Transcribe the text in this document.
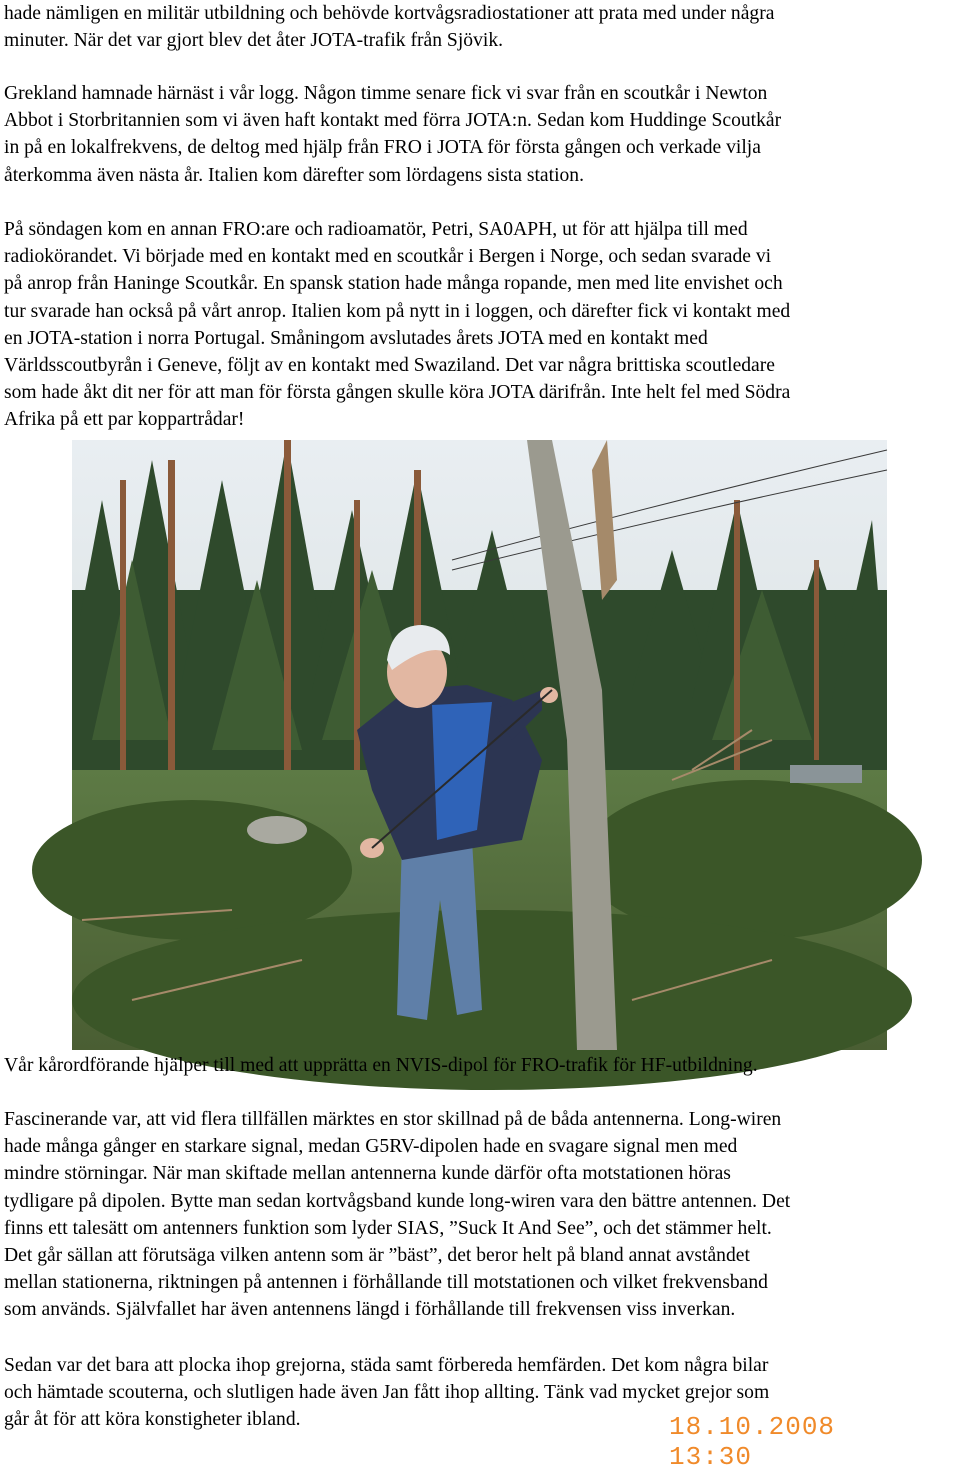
hade nämligen en militär utbildning och behövde kortvågsradiostationer att prata med under några
minuter. När det var gjort blev det åter JOTA-trafik från Sjövik.
Grekland hamnade härnäst i vår logg. Någon timme senare fick vi svar från en scoutkår i Newton
Abbot i Storbritannien som vi även haft kontakt med förra JOTA:n. Sedan kom Huddinge Scoutkår
in på en lokalfrekvens, de deltog med hjälp från FRO i JOTA för första gången och verkade vilja
återkomma även nästa år. Italien kom därefter som lördagens sista station.
På söndagen kom en annan FRO:are och radioamatör, Petri, SA0APH, ut för att hjälpa till med
radiokörandet. Vi började med en kontakt med en scoutkår i Bergen i Norge, och sedan svarade vi
på anrop från Haninge Scoutkår. En spansk station hade många ropande, men med lite envishet och
tur svarade han också på vårt anrop. Italien kom på nytt in i loggen, och därefter fick vi kontakt med
en JOTA-station i norra Portugal. Småningom avslutades årets JOTA med en kontakt med
Världsscoutbyrån i Geneve, följt av en kontakt med Swaziland. Det var några brittiska scoutledare
som hade åkt dit ner för att man för första gången skulle köra JOTA därifrån. Inte helt fel med Södra
Afrika på ett par koppartrådar!
18.10.2008 13:30
Vår kårordförande hjälper till med att upprätta en NVIS-dipol för FRO-trafik för HF-utbildning.
Fascinerande var, att vid flera tillfällen märktes en stor skillnad på de båda antennerna. Long-wiren
hade många gånger en starkare signal, medan G5RV-dipolen hade en svagare signal men med
mindre störningar. När man skiftade mellan antennerna kunde därför ofta motstationen höras
tydligare på dipolen. Bytte man sedan kortvågsband kunde long-wiren vara den bättre antennen. Det
finns ett talesätt om antenners funktion som lyder SIAS, ”Suck It And See”, och det stämmer helt.
Det går sällan att förutsäga vilken antenn som är ”bäst”, det beror helt på bland annat avståndet
mellan stationerna, riktningen på antennen i förhållande till motstationen och vilket frekvensband
som används. Självfallet har även antennens längd i förhållande till frekvensen viss inverkan.
Sedan var det bara att plocka ihop grejorna, städa samt förbereda hemfärden. Det kom några bilar
och hämtade scouterna, och slutligen hade även Jan fått ihop allting. Tänk vad mycket grejor som
går åt för att köra konstigheter ibland.
